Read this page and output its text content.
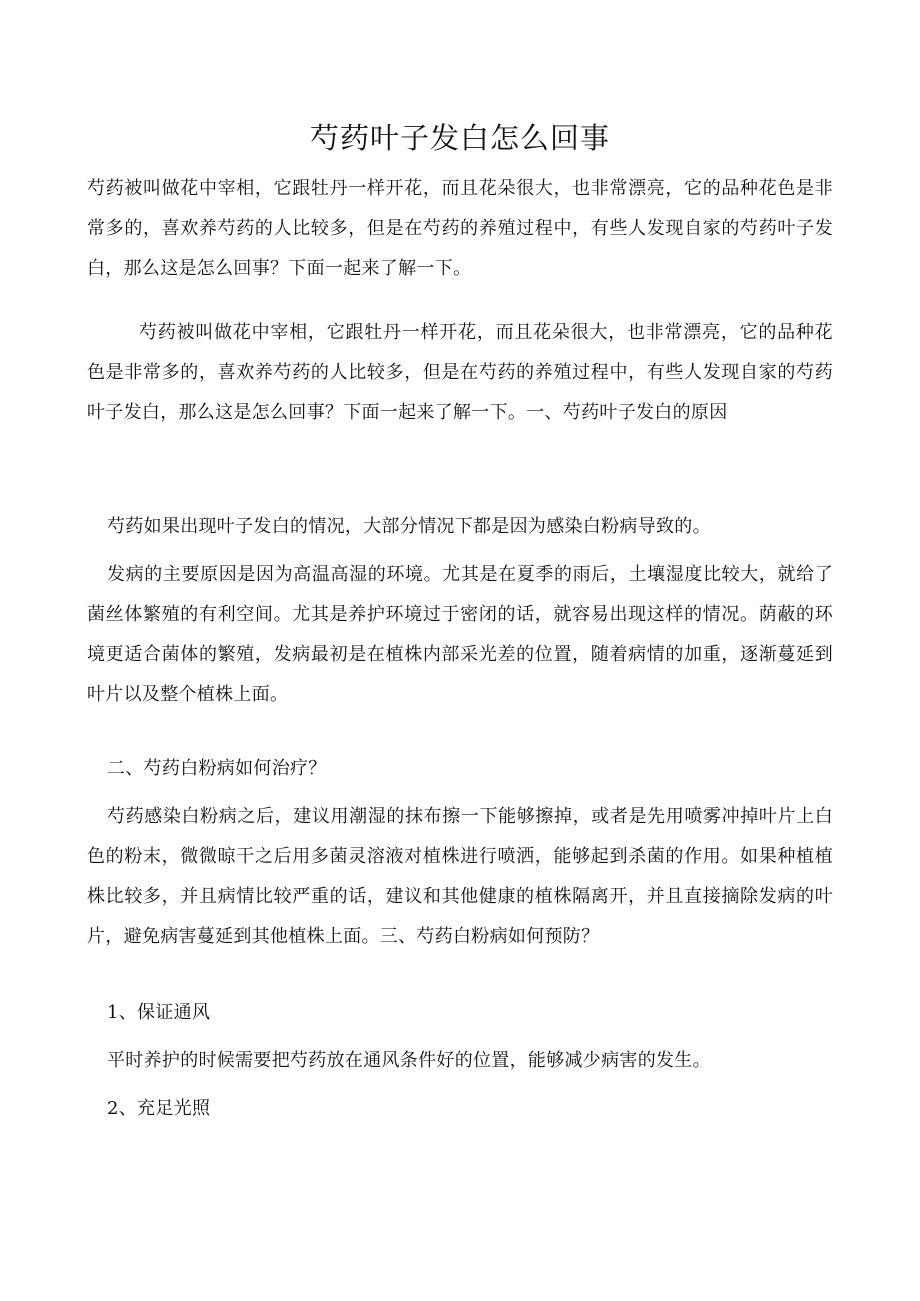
芍药叶子发白怎么回事

芍药被叫做花中宰相，它跟牡丹一样开花，而且花朵很大，也非常漂亮，它的品种花色是非常多的，喜欢养芍药的人比较多，但是在芍药的养殖过程中，有些人发现自家的芍药叶子发白，那么这是怎么回事？下面一起来了解一下。

芍药被叫做花中宰相，它跟牡丹一样开花，而且花朵很大，也非常漂亮，它的品种花色是非常多的，喜欢养芍药的人比较多，但是在芍药的养殖过程中，有些人发现自家的芍药叶子发白，那么这是怎么回事？下面一起来了解一下。一、芍药叶子发白的原因

芍药如果出现叶子发白的情况，大部分情况下都是因为感染白粉病导致的。

发病的主要原因是因为高温高湿的环境。尤其是在夏季的雨后，土壤湿度比较大，就给了菌丝体繁殖的有利空间。尤其是养护环境过于密闭的话，就容易出现这样的情况。荫蔽的环境更适合菌体的繁殖，发病最初是在植株内部采光差的位置，随着病情的加重，逐渐蔓延到叶片以及整个植株上面。

二、芍药白粉病如何治疗？

芍药感染白粉病之后，建议用潮湿的抹布擦一下能够擦掉，或者是先用喷雾冲掉叶片上白色的粉末，微微晾干之后用多菌灵溶液对植株进行喷洒，能够起到杀菌的作用。如果种植植株比较多，并且病情比较严重的话，建议和其他健康的植株隔离开，并且直接摘除发病的叶片，避免病害蔓延到其他植株上面。三、芍药白粉病如何预防？

1、保证通风

平时养护的时候需要把芍药放在通风条件好的位置，能够减少病害的发生。

2、充足光照
